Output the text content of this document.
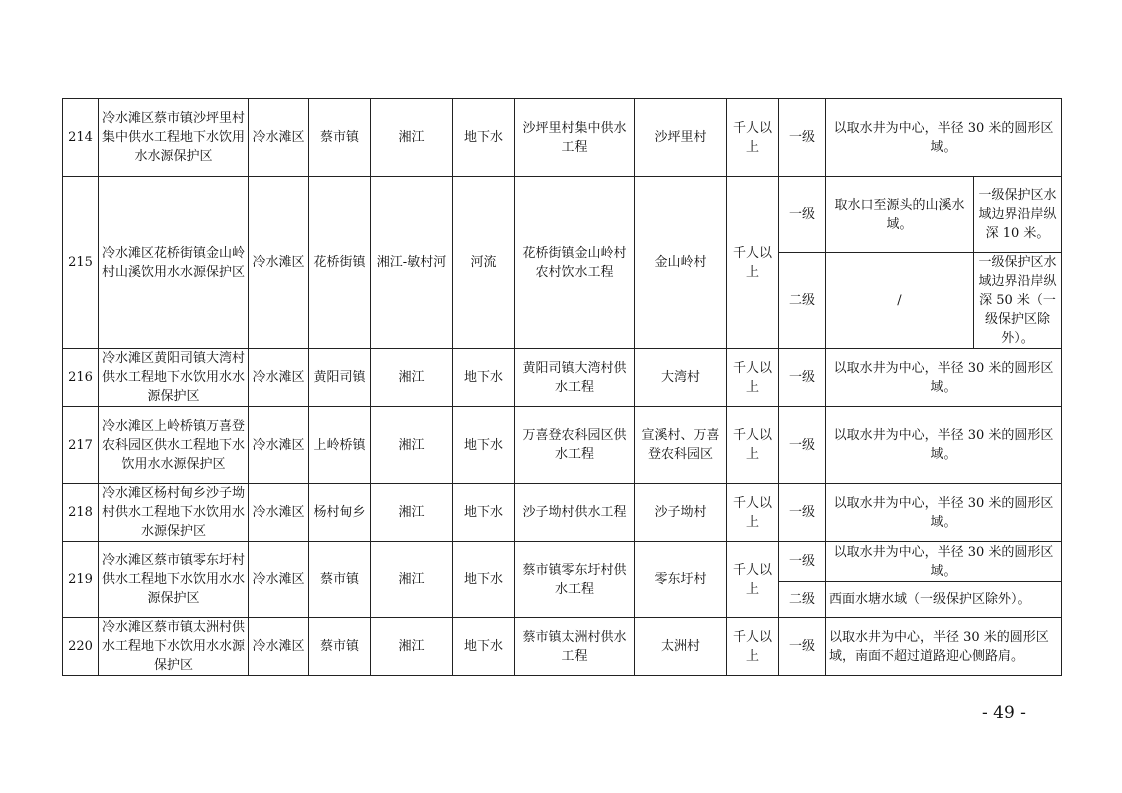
214	冷水滩区蔡市镇沙坪里村集中供水工程地下水饮用水水源保护区	冷水滩区	蔡市镇	湘江	地下水	沙坪里村集中供水工程	沙坪里村	千人以上	一级	以取水井为中心，半径 30 米的圆形区域。	
215	冷水滩区花桥街镇金山岭村山溪饮用水水源保护区	冷水滩区	花桥街镇	湘江-敏村河	河流	花桥街镇金山岭村农村饮水工程	金山岭村	千人以上	一级	取水口至源头的山溪水域。	一级保护区水域边界沿岸纵深 10 米。
									二级	/	一级保护区水域边界沿岸纵深 50 米（一级保护区除外）。
216	冷水滩区黄阳司镇大湾村供水工程地下水饮用水水源保护区	冷水滩区	黄阳司镇	湘江	地下水	黄阳司镇大湾村供水工程	大湾村	千人以上	一级	以取水井为中心，半径 30 米的圆形区域。	
217	冷水滩区上岭桥镇万喜登农科园区供水工程地下水饮用水水源保护区	冷水滩区	上岭桥镇	湘江	地下水	万喜登农科园区供水工程	宣溪村、万喜登农科园区	千人以上	一级	以取水井为中心，半径 30 米的圆形区域。	
218	冷水滩区杨村甸乡沙子坳村供水工程地下水饮用水水源保护区	冷水滩区	杨村甸乡	湘江	地下水	沙子坳村供水工程	沙子坳村	千人以上	一级	以取水井为中心，半径 30 米的圆形区域。	
219	冷水滩区蔡市镇零东圩村供水工程地下水饮用水水源保护区	冷水滩区	蔡市镇	湘江	地下水	蔡市镇零东圩村供水工程	零东圩村	千人以上	一级	以取水井为中心，半径 30 米的圆形区域。	
									二级	西面水塘水域（一级保护区除外）。	
220	冷水滩区蔡市镇太洲村供水工程地下水饮用水水源保护区	冷水滩区	蔡市镇	湘江	地下水	蔡市镇太洲村供水工程	太洲村	千人以上	一级	以取水井为中心，半径 30 米的圆形区域，南面不超过道路迎心侧路肩。	
- 49 -
